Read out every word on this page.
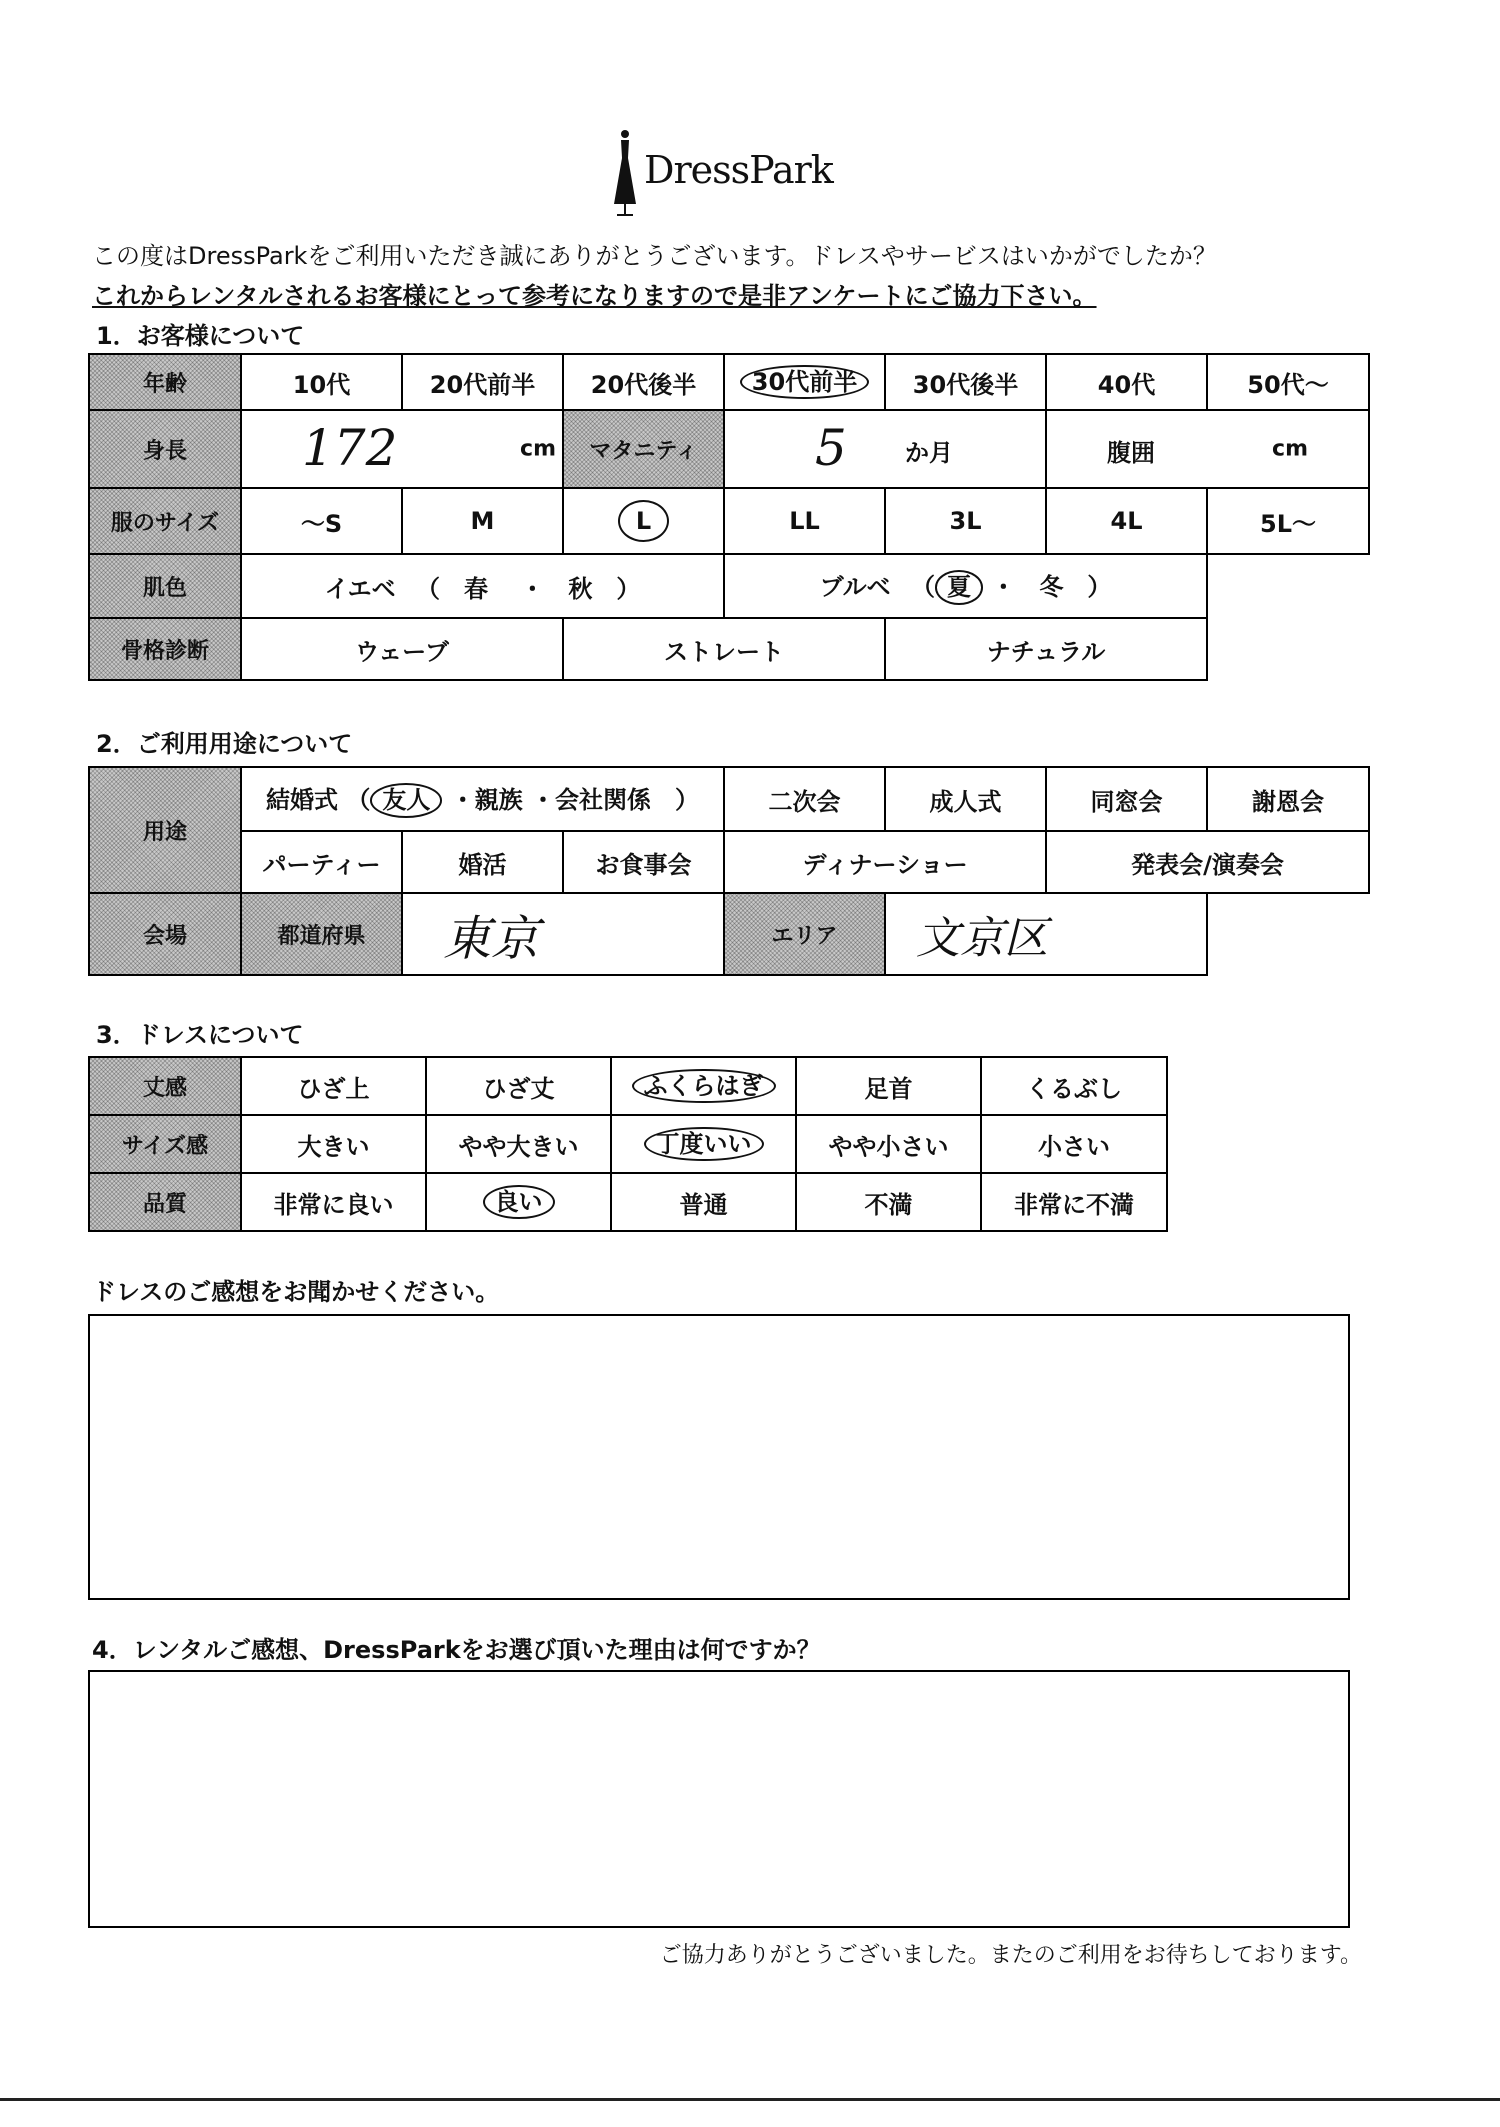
DressPark
この度はDressParkをご利用いただき誠にありがとうございます。ドレスやサービスはいかがでしたか？
これからレンタルされるお客様にとって参考になりますので是非アンケートにご協力下さい。
1．お客様について
年齢	10代	20代前半	20代後半	30代前半	30代後半	40代	50代～
身長	172 cm		マタニティ	5 か月		腹囲 cm	

服のサイズ	～S	M	L	LL	3L	4L	5L～
肌色	イエベ 　（　春 　・　秋　）			ブルベ 　（ 夏 ・　冬　）			
骨格診断	ウェーブ		ストレート		ナチュラル		
2．ご利用用途について
用途	結婚式 （ 友人 ・親族 ・会社関係　）			二次会	成人式	同窓会	謝恩会
	パーティー	婚活	お食事会	ディナーショー		発表会/演奏会	
会場	都道府県	東京		エリア	文京区		
3．ドレスについて
丈感	ひざ上	ひざ丈	ふくらはぎ	足首	くるぶし
サイズ感	大きい	やや大きい	丁度いい	やや小さい	小さい
品質	非常に良い	良い	普通	不満	非常に不満
ドレスのご感想をお聞かせください。
4．レンタルご感想、DressParkをお選び頂いた理由は何ですか？
ご協力ありがとうございました。またのご利用をお待ちしております。
